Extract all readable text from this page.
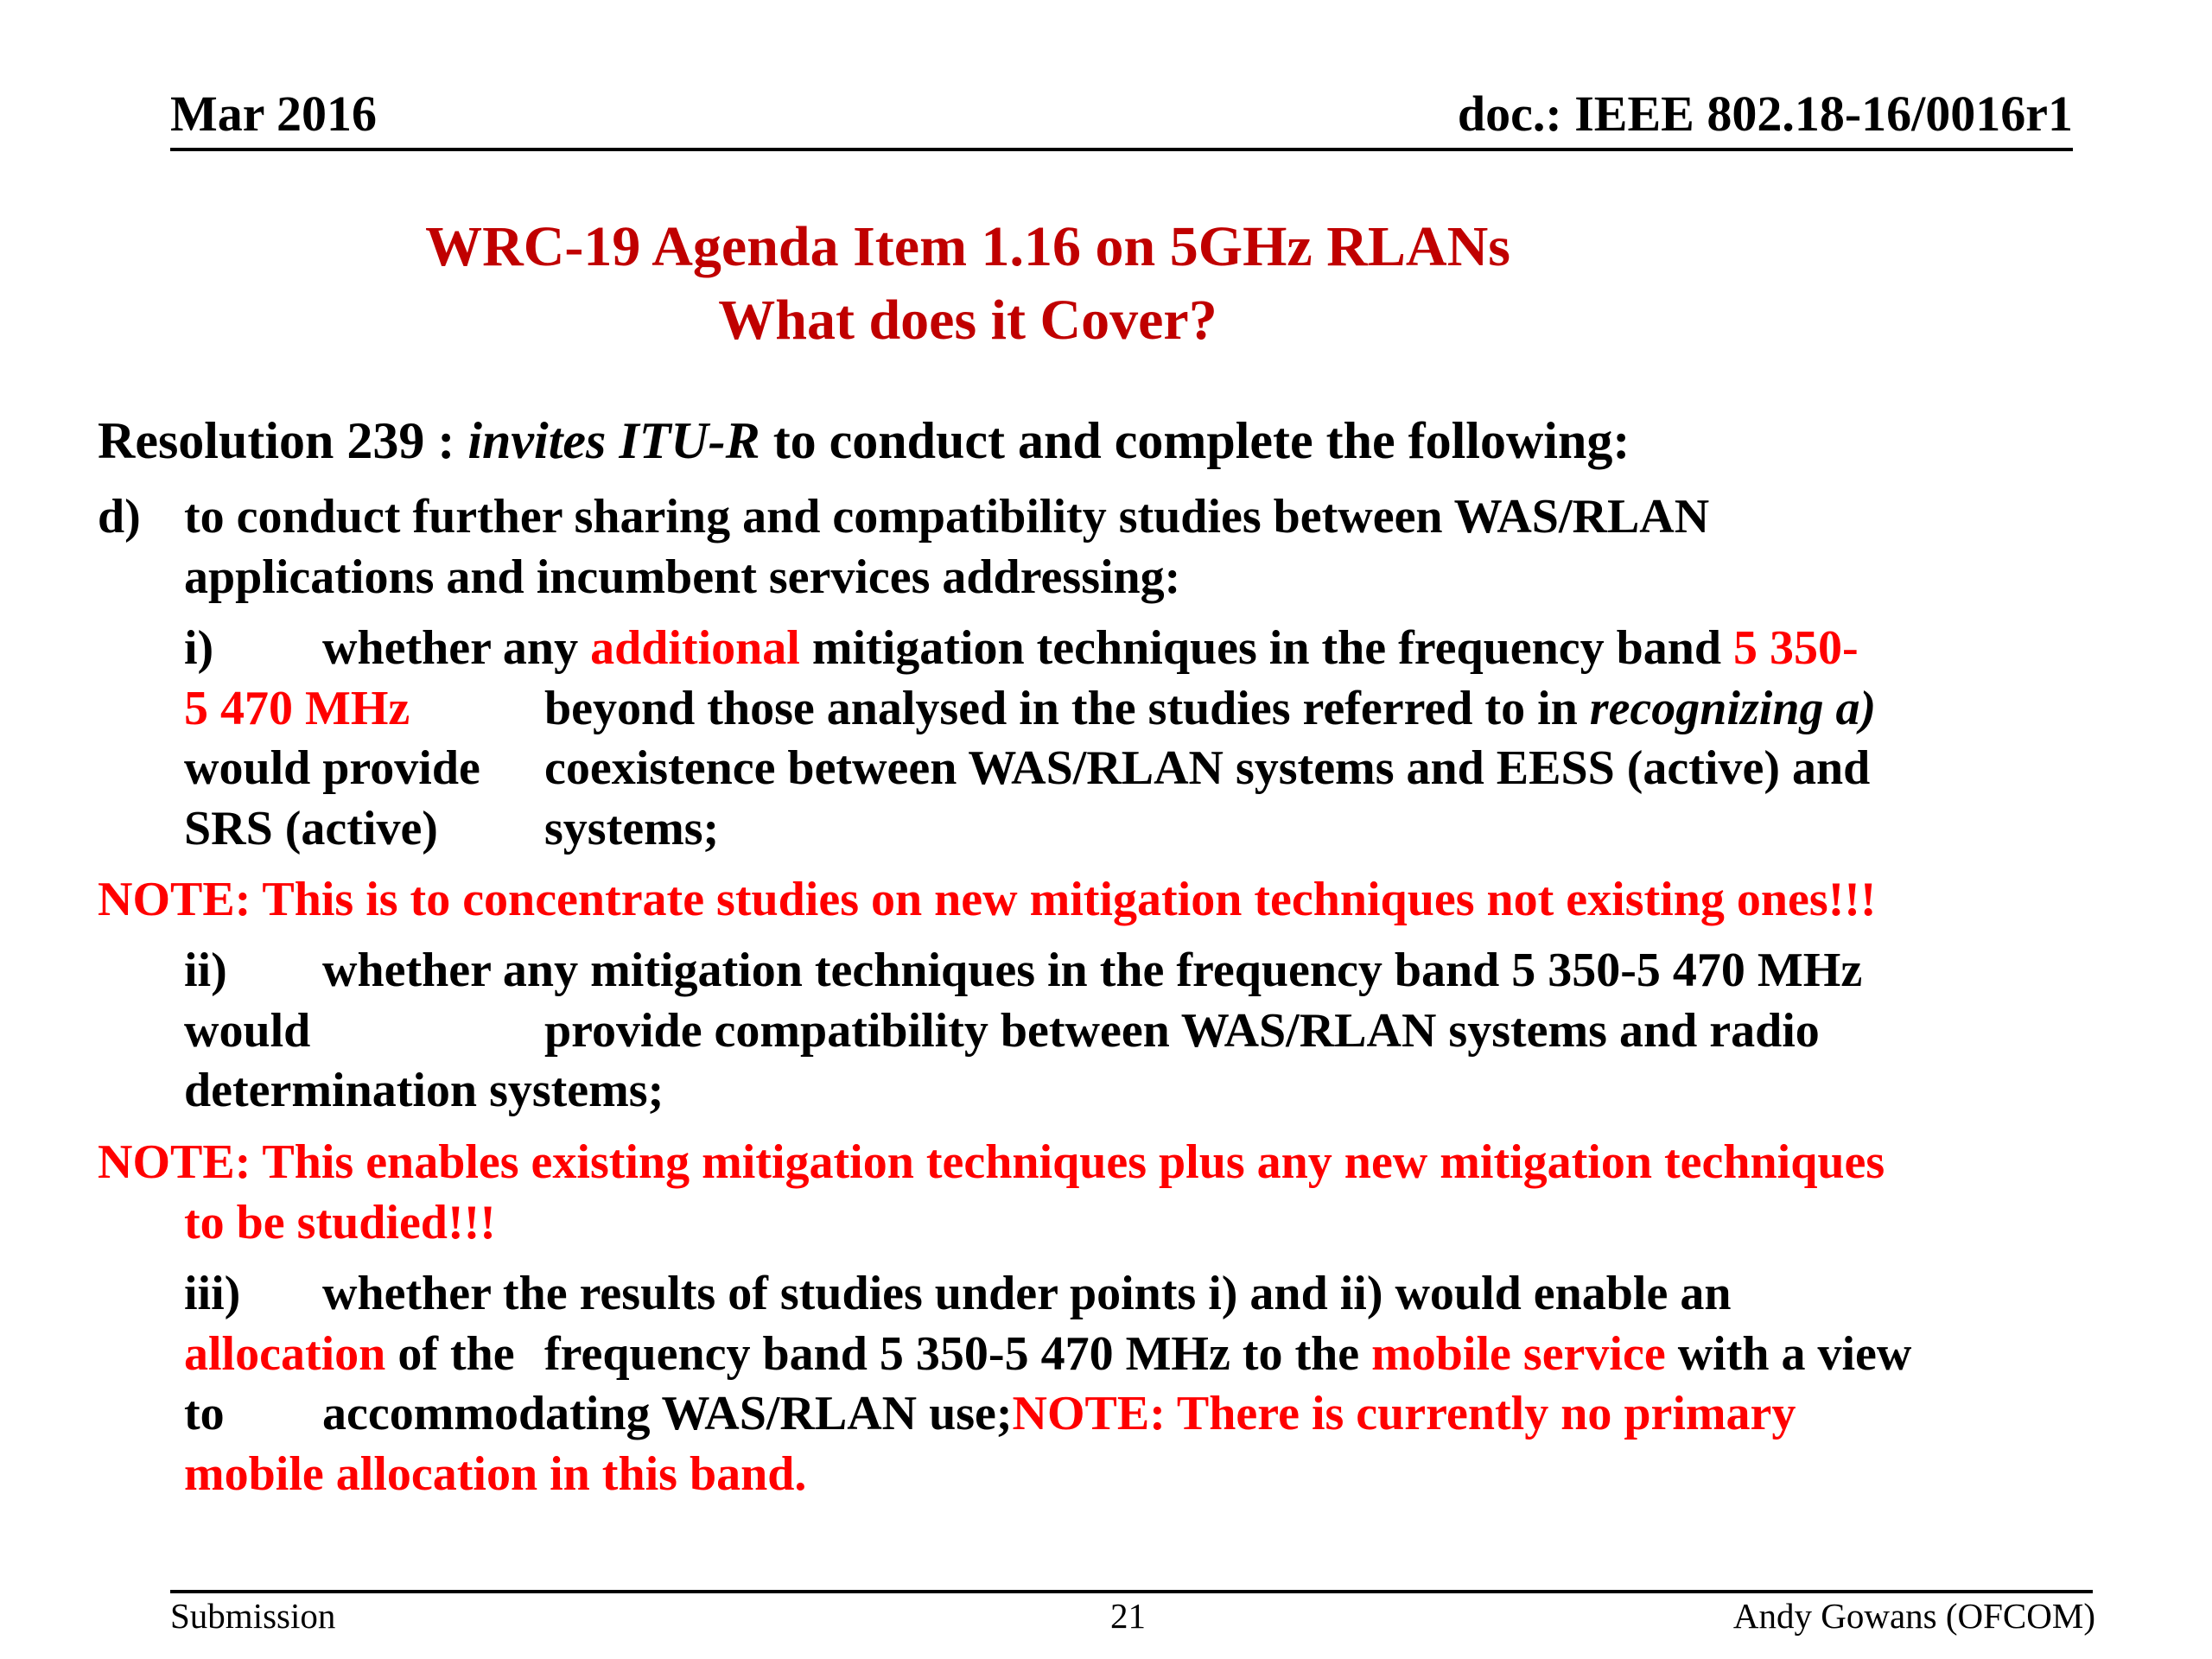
Mar 2016	doc.: IEEE 802.18-16/0016r1
WRC-19 Agenda Item 1.16 on 5GHz RLANs
What does it Cover?
Resolution 239 : invites ITU-R to conduct and complete the following:
d) to conduct further sharing and compatibility studies between WAS/RLAN
applications and incumbent services addressing:
i) whether any additional mitigation techniques in the frequency band 5 350-
5 470 MHz	beyond those analysed in the studies referred to in recognizing a)
would provide coexistence between WAS/RLAN systems and EESS (active) and
SRS (active) systems;
NOTE: This is to concentrate studies on new mitigation techniques not existing ones!!!
ii) whether any mitigation techniques in the frequency band 5 350-5 470 MHz
would	provide compatibility between WAS/RLAN systems and radio
determination systems;
NOTE: This enables existing mitigation techniques plus any new mitigation techniques
to be studied!!!
iii) whether the results of studies under points i) and ii) would enable an
allocation of the frequency band 5 350-5 470 MHz to the mobile service with a view
to accommodating WAS/RLAN use;NOTE: There is currently no primary
mobile allocation in this band.
Submission	21	Andy Gowans (OFCOM)
